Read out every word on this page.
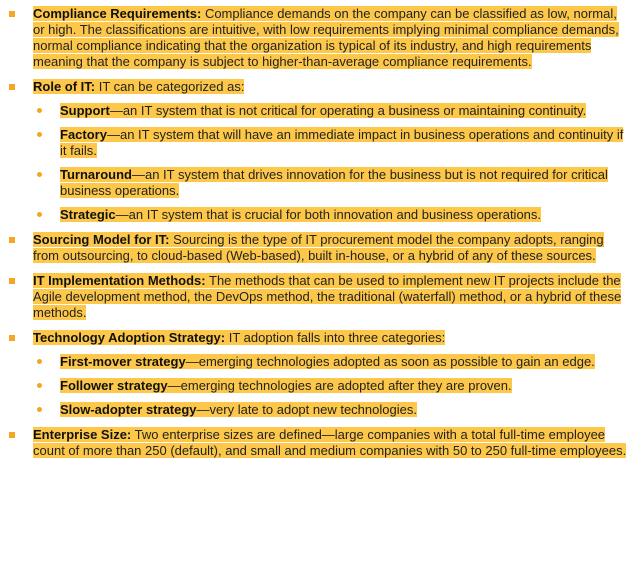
Compliance Requirements: Compliance demands on the company can be classified as low, normal, or high. The classifications are intuitive, with low requirements implying minimal compliance demands, normal compliance indicating that the organization is typical of its industry, and high requirements meaning that the company is subject to higher-than-average compliance requirements.
Role of IT: IT can be categorized as:
Support—an IT system that is not critical for operating a business or maintaining continuity.
Factory—an IT system that will have an immediate impact in business operations and continuity if it fails.
Turnaround—an IT system that drives innovation for the business but is not required for critical business operations.
Strategic—an IT system that is crucial for both innovation and business operations.
Sourcing Model for IT: Sourcing is the type of IT procurement model the company adopts, ranging from outsourcing, to cloud-based (Web-based), built in-house, or a hybrid of any of these sources.
IT Implementation Methods: The methods that can be used to implement new IT projects include the Agile development method, the DevOps method, the traditional (waterfall) method, or a hybrid of these methods.
Technology Adoption Strategy: IT adoption falls into three categories:
First-mover strategy—emerging technologies adopted as soon as possible to gain an edge.
Follower strategy—emerging technologies are adopted after they are proven.
Slow-adopter strategy—very late to adopt new technologies.
Enterprise Size: Two enterprise sizes are defined—large companies with a total full-time employee count of more than 250 (default), and small and medium companies with 50 to 250 full-time employees.
